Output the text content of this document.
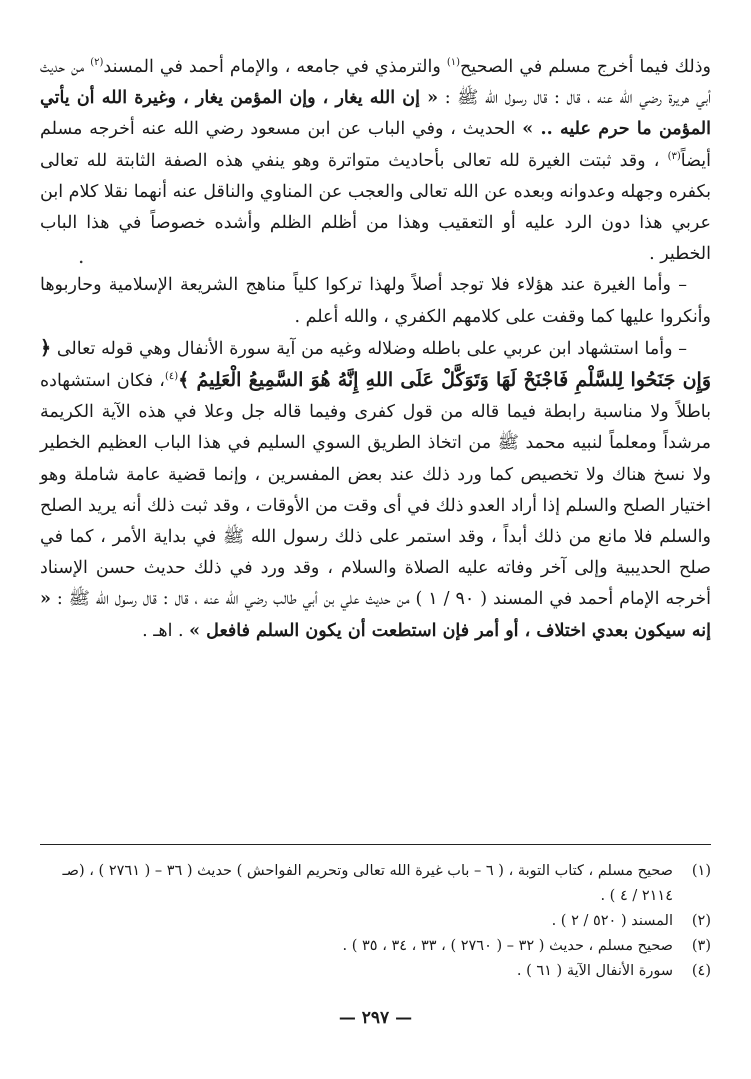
وذلك فيما أخرج مسلم في الصحيح$^{(١)}$ والترمذي في جامعه ، والإمام أحمد في المسند$^{(٢)}$ من حديث أبي هريرة رضي الله عنه ، قال : قال رسول الله ﷺ : « إن الله يغار ، وإن المؤمن يغار ، وغيرة الله أن يأتي المؤمن ما حرم عليه .. » الحديث ، وفي الباب عن ابن مسعود رضي الله عنه أخرجه مسلم أيضاً$^{(٣)}$ ، وقد ثبتت الغيرة لله تعالى بأحاديث متواترة وهو ينفي هذه الصفة الثابتة لله تعالى بكفره وجهله وعدوانه وبعده عن الله تعالى والعجب عن المناوي والناقل عنه أنهما نقلا كلام ابن عربي هذا دون الرد عليه أو التعقيب وهذا من أظلم الظلم وأشده خصوصاً في هذا الباب الخطير .

– وأما الغيرة عند هؤلاء فلا توجد أصلاً ولهذا تركوا كلياً مناهج الشريعة الإسلامية وحاربوها وأنكروا عليها كما وقفت على كلامهم الكفري ، والله أعلم .

– وأما استشهاد ابن عربي على باطله وضلاله وغيه من آية سورة الأنفال وهي قوله تعالى ﴿ وَإِن جَنَحُوا لِلسَّلْمِ فَاجْنَحْ لَهَا وَتَوَكَّلْ عَلَى اللهِ إِنَّهُ هُوَ السَّمِيعُ الْعَلِيمُ ﴾$^{(٤)}$، فكان استشهاده باطلاً ولا مناسبة رابطة فيما قاله من قول كفرى وفيما قاله جل وعلا في هذه الآية الكريمة مرشداً ومعلماً لنبيه محمد ﷺ من اتخاذ الطريق السوي السليم في هذا الباب العظيم الخطير ولا نسخ هناك ولا تخصيص كما ورد ذلك عند بعض المفسرين ، وإنما قضية عامة شاملة وهو اختيار الصلح والسلم إذا أراد العدو ذلك في أى وقت من الأوقات ، وقد ثبت ذلك أنه يريد الصلح والسلم فلا مانع من ذلك أبداً ، وقد استمر على ذلك رسول الله ﷺ في بداية الأمر ، كما في صلح الحديبية وإلى آخر وفاته عليه الصلاة والسلام ، وقد ورد في ذلك حديث حسن الإسناد أخرجه الإمام أحمد في المسند ( ٩٠ / ١ ) من حديث علي بن أبي طالب رضي الله عنه ، قال : قال رسول الله ﷺ : « إنه سيكون بعدي اختلاف ، أو أمر فإن استطعت أن يكون السلم فافعل » . اهـ .

(١)
صحيح مسلم ، كتاب التوبة ، ( ٦ – باب غيرة الله تعالى وتحريم الفواحش ) حديث ( ٣٦ – ( ٢٧٦١ ) ، (صـ ٢١١٤ / ٤ ) .
(٢)
المسند ( ٥٢٠ / ٢ ) .
(٣)
صحيح مسلم ، حديث ( ٣٢ – ( ٢٧٦٠ ) ، ٣٣ ، ٣٤ ، ٣٥ ) .
(٤)
سورة الأنفال الآية ( ٦١ ) .
— ٢٩٧ —
.
